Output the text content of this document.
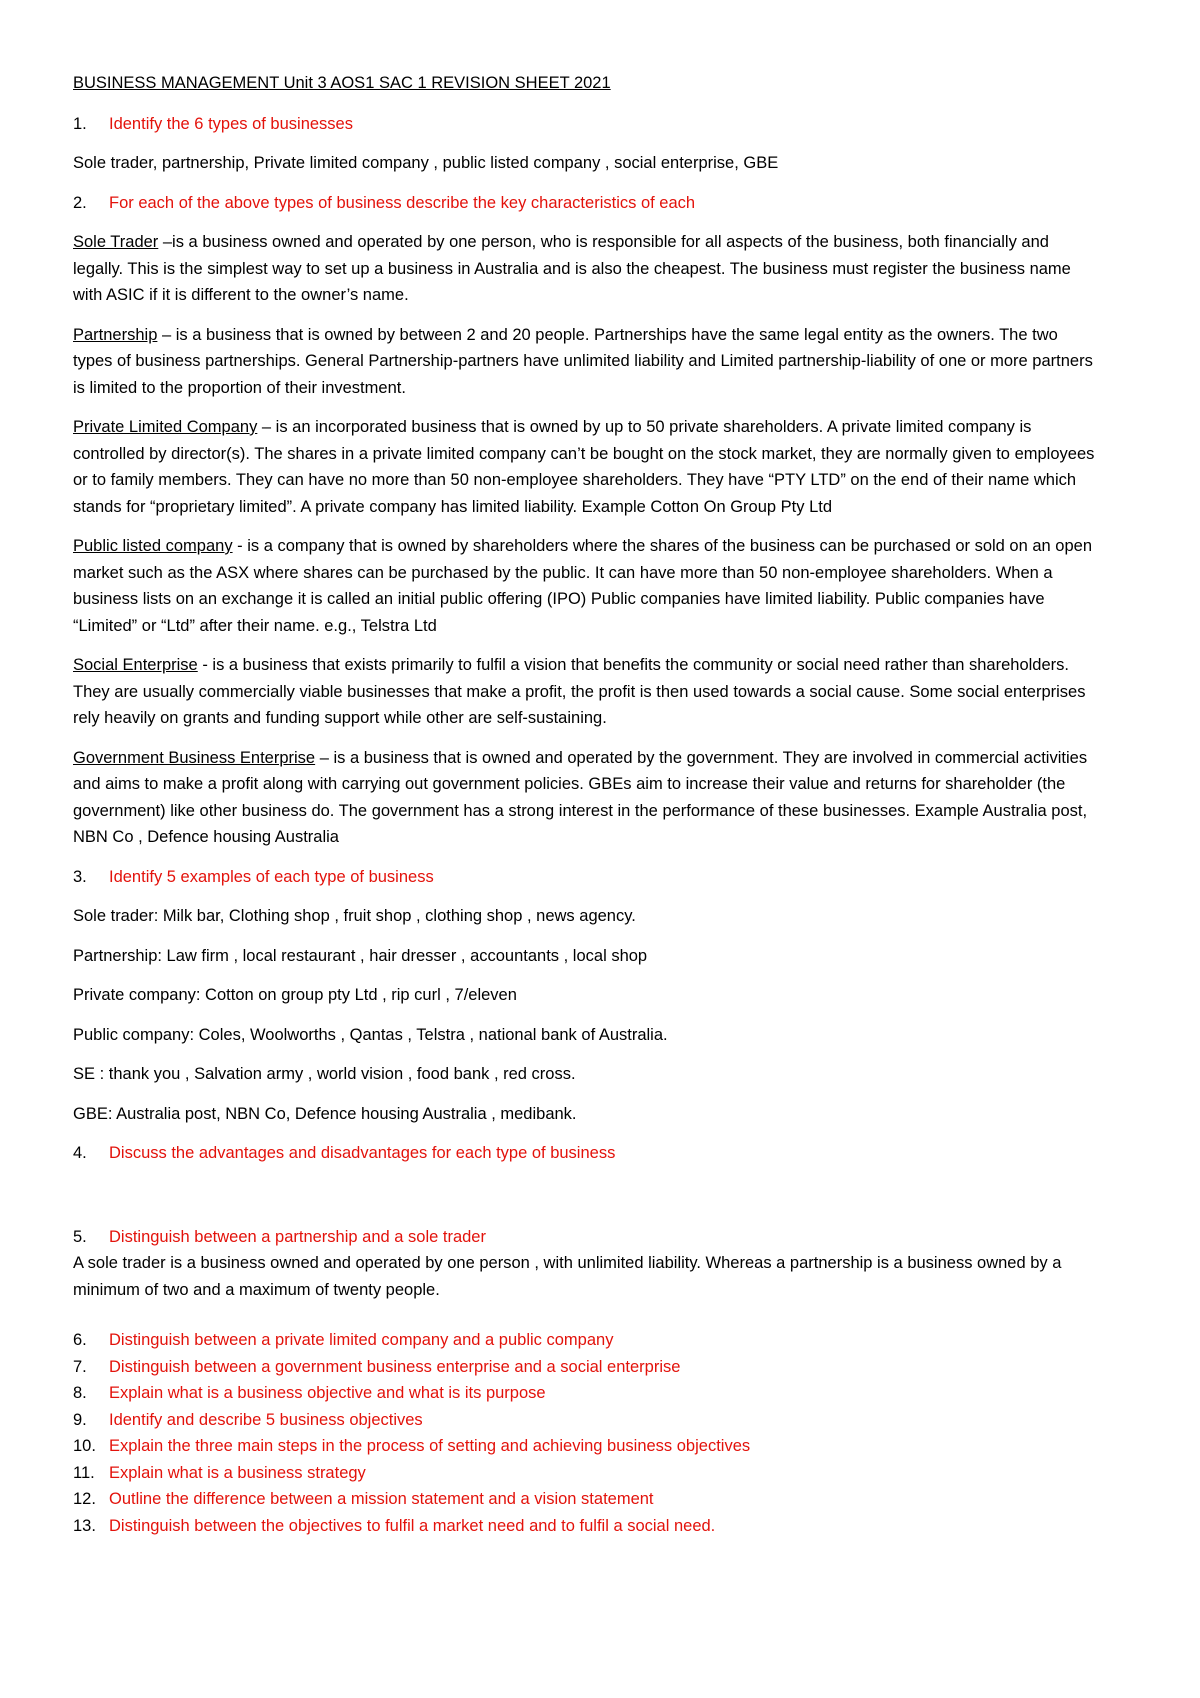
BUSINESS MANAGEMENT Unit 3 AOS1 SAC 1 REVISION SHEET 2021
1.	Identify the 6 types of businesses
Sole trader, partnership, Private limited company , public listed company , social enterprise, GBE
2.	For each of the above types of business describe the key characteristics of each
Sole Trader –is a business owned and operated by one person, who is responsible for all aspects of the business, both financially and legally. This is the simplest way to set up a business in Australia and is also the cheapest. The business must register the business name with ASIC if it is different to the owner’s name.
Partnership – is a business that is owned by between 2 and 20 people. Partnerships have the same legal entity as the owners. The two types of business partnerships. General Partnership-partners have unlimited liability and Limited partnership-liability of one or more partners is limited to the proportion of their investment.
Private Limited Company – is an incorporated business that is owned by up to 50 private shareholders. A private limited company is controlled by director(s). The shares in a private limited company can’t be bought on the stock market, they are normally given to employees or to family members. They can have no more than 50 non-employee shareholders. They have “PTY LTD” on the end of their name which stands for “proprietary limited”. A private company has limited liability. Example Cotton On Group Pty Ltd
Public listed company - is a company that is owned by shareholders where the shares of the business can be purchased or sold on an open market such as the ASX where shares can be purchased by the public. It can have more than 50 non-employee shareholders. When a business lists on an exchange it is called an initial public offering (IPO) Public companies have limited liability. Public companies have “Limited” or “Ltd” after their name. e.g., Telstra Ltd
Social Enterprise - is a business that exists primarily to fulfil a vision that benefits the community or social need rather than shareholders. They are usually commercially viable businesses that make a profit, the profit is then used towards a social cause. Some social enterprises rely heavily on grants and funding support while other are self-sustaining.
Government Business Enterprise – is a business that is owned and operated by the government. They are involved in commercial activities and aims to make a profit along with carrying out government policies. GBEs aim to increase their value and returns for shareholder (the government) like other business do. The government has a strong interest in the performance of these businesses. Example Australia post, NBN Co , Defence housing Australia
3.	Identify 5 examples of each type of business
Sole trader: Milk bar, Clothing shop , fruit shop , clothing shop , news agency.
Partnership: Law firm , local restaurant , hair dresser , accountants , local shop
Private company: Cotton on group pty Ltd , rip curl , 7/eleven
Public company: Coles, Woolworths , Qantas , Telstra , national bank of Australia.
SE : thank you , Salvation army , world vision , food bank , red cross.
GBE: Australia post, NBN Co, Defence housing Australia , medibank.
4.	Discuss the advantages and disadvantages for each type of business
5.	Distinguish between a partnership and a sole trader
A sole trader is a business owned and operated by one person , with unlimited liability. Whereas a partnership is a business owned by a minimum of two and a maximum of twenty people.
6.	Distinguish between a private limited company and a public company
7.	Distinguish between a government business enterprise and a social enterprise
8.	Explain what is a business objective and what is its purpose
9.	Identify and describe 5 business objectives
10. Explain the three main steps in the process of setting and achieving business objectives
11. Explain what is a business strategy
12. Outline the difference between a mission statement and a vision statement
13. Distinguish between the objectives to fulfil a market need and to fulfil a social need.
